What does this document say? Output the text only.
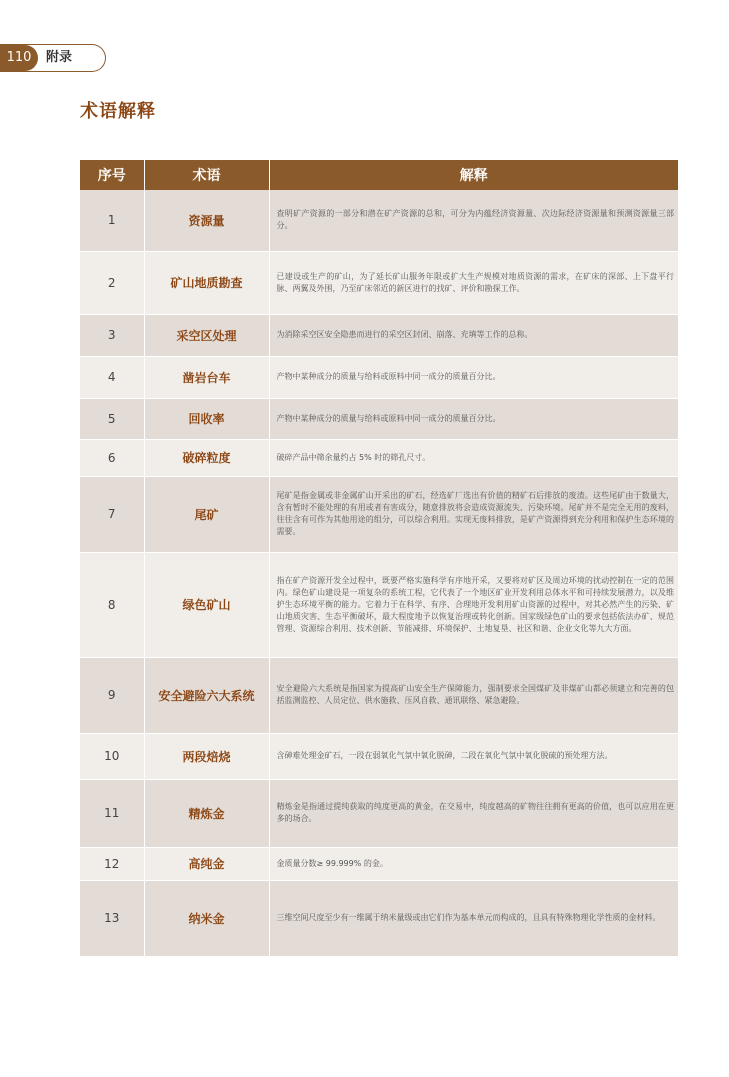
110	附录
术语解释
序号	术语	解释
1	资源量	查明矿产资源的一部分和潜在矿产资源的总和，可分为内蕴经济资源量、次边际经济资源量和预测资源量三部分。
2	矿山地质勘查	已建设或生产的矿山，为了延长矿山服务年限或扩大生产规模对地质资源的需求，在矿床的深部、上下盘平行脉、两翼及外围，乃至矿床邻近的新区进行的找矿、评价和勘探工作。
3	采空区处理	为消除采空区安全隐患而进行的采空区封闭、崩落、充填等工作的总称。
4	凿岩台车	产物中某种成分的质量与给料或原料中同一成分的质量百分比。
5	回收率	产物中某种成分的质量与给料或原料中同一成分的质量百分比。
6	破碎粒度	破碎产品中筛余量约占 5% 时的筛孔尺寸。
7	尾矿	尾矿是指金属或非金属矿山开采出的矿石，经选矿厂选出有价值的精矿石后排放的废渣。这些尾矿由于数量大，含有暂时不能处理的有用或者有害成分，随意排放将会造成资源流失、污染环境。尾矿并不是完全无用的废料，往往含有可作为其他用途的组分，可以综合利用。实现无废料排放，是矿产资源得到充分利用和保护生态环境的需要。
8	绿色矿山	指在矿产资源开发全过程中，既要严格实施科学有序地开采，又要将对矿区及周边环境的扰动控制在一定的范围内。绿色矿山建设是一项复杂的系统工程，它代表了一个地区矿业开发利用总体水平和可持续发展潜力，以及维护生态环境平衡的能力。它着力于在科学、有序、合理地开发利用矿山资源的过程中，对其必然产生的污染、矿山地质灾害、生态平衡破坏，最大程度地予以恢复治理或转化创新。国家级绿色矿山的要求包括依法办矿、规范管理、资源综合利用、技术创新、节能减排、环境保护、土地复垦、社区和谐、企业文化等九大方面。
9	安全避险六大系统	安全避险六大系统是指国家为提高矿山安全生产保障能力，强制要求全国煤矿及非煤矿山都必须建立和完善的包括监测监控、人员定位、供水施救、压风自救、通讯联络、紧急避险。
10	两段焙烧	含砷难处理金矿石，一段在弱氧化气氛中氧化脱砷，二段在氧化气氛中氧化脱硫的预处理方法。
11	精炼金	精炼金是指通过提纯获取的纯度更高的黄金，在交易中，纯度越高的矿物往往拥有更高的价值，也可以应用在更多的场合。
12	高纯金	金质量分数≥ 99.999% 的金。
13	纳米金	三维空间尺度至少有一维属于纳米量级或由它们作为基本单元而构成的，且具有特殊物理化学性质的金材料。
